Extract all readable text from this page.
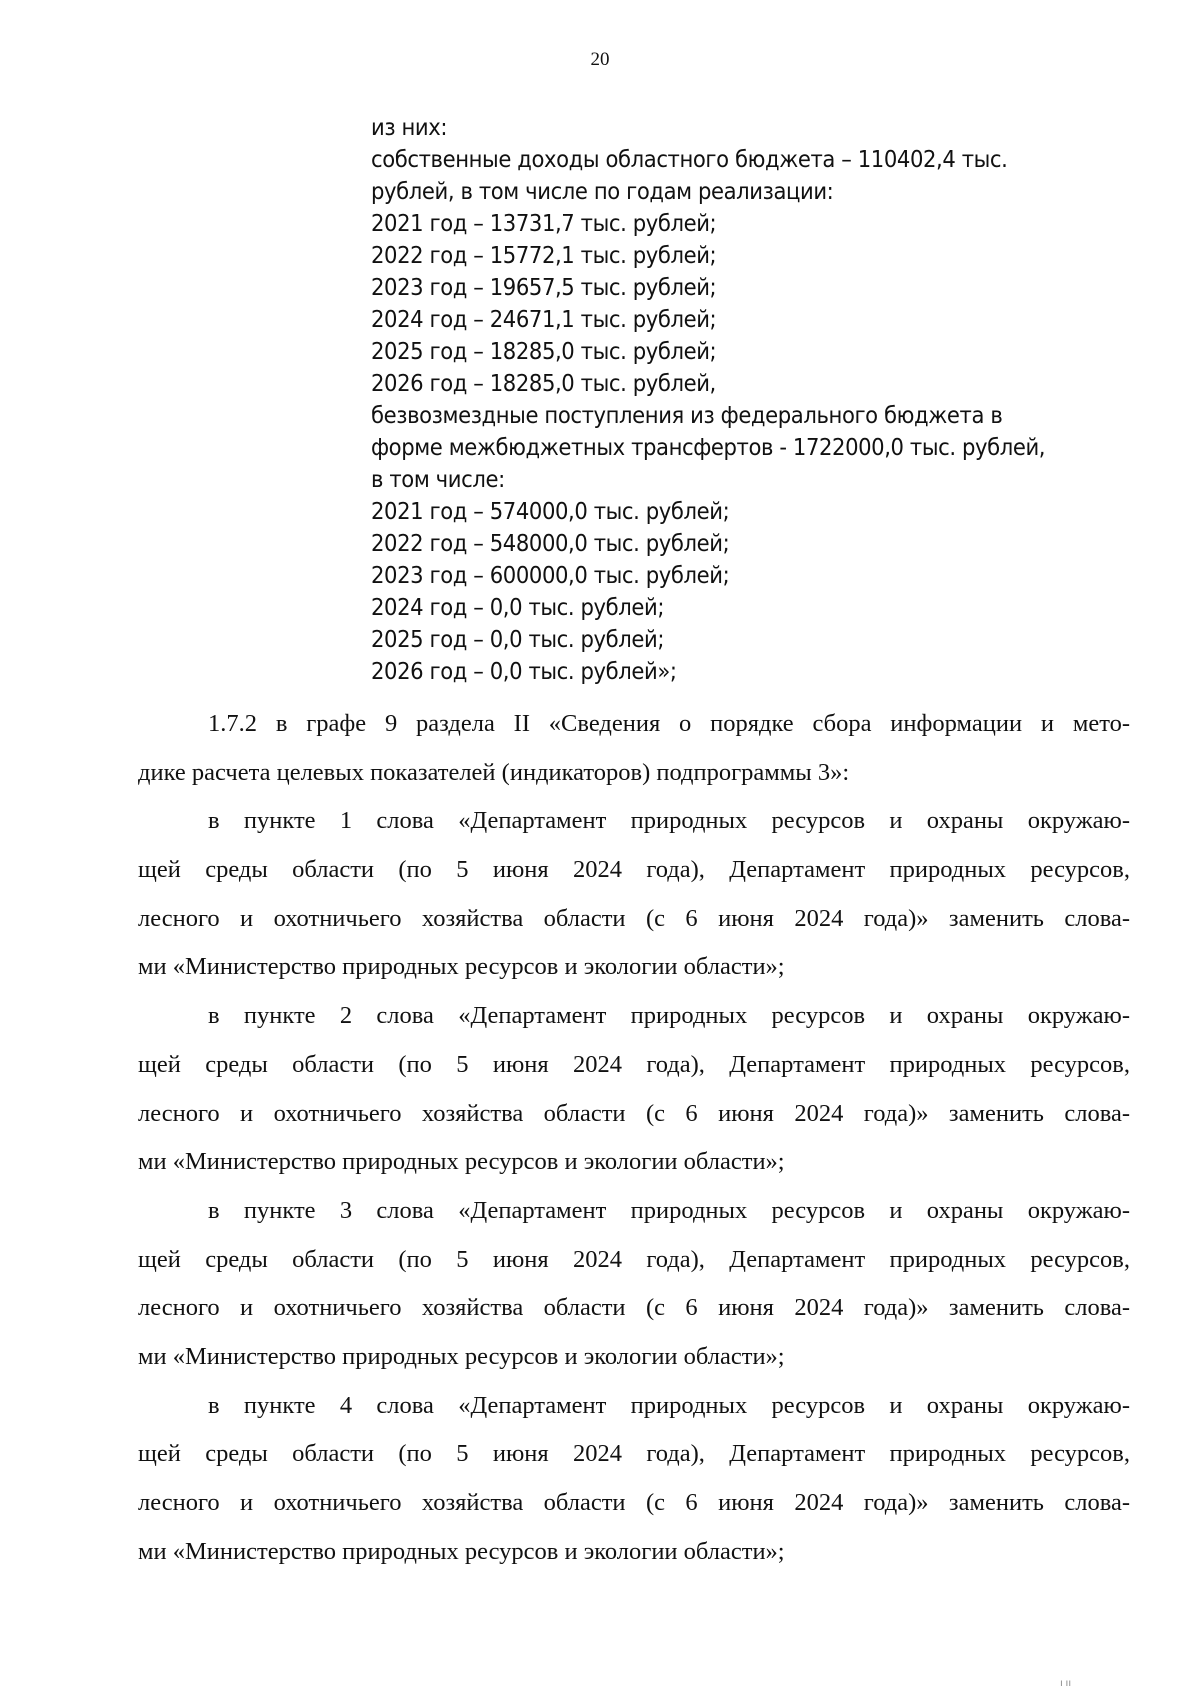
20
из них:
собственные доходы областного бюджета – 110402,4 тыс.
рублей, в том числе по годам реализации:
2021 год – 13731,7 тыс. рублей;
2022 год – 15772,1 тыс. рублей;
2023 год – 19657,5 тыс. рублей;
2024 год – 24671,1 тыс. рублей;
2025 год – 18285,0 тыс. рублей;
2026 год – 18285,0 тыс. рублей,
безвозмездные поступления из федерального бюджета в
форме межбюджетных трансфертов - 1722000,0 тыс. рублей,
в том числе:
2021 год – 574000,0 тыс. рублей;
2022 год – 548000,0 тыс. рублей;
2023 год – 600000,0 тыс. рублей;
2024 год – 0,0 тыс. рублей;
2025 год – 0,0 тыс. рублей;
2026 год – 0,0 тыс. рублей»;
1.7.2 в графе 9 раздела II «Сведения о порядке сбора информации и мето-
дике расчета целевых показателей (индикаторов) подпрограммы 3»:
в пункте 1 слова «Департамент природных ресурсов и охраны окружаю-
щей среды области (по 5 июня 2024 года), Департамент природных ресурсов,
лесного и охотничьего хозяйства области (с 6 июня 2024 года)» заменить слова-
ми «Министерство природных ресурсов и экологии области»;
в пункте 2 слова «Департамент природных ресурсов и охраны окружаю-
щей среды области (по 5 июня 2024 года), Департамент природных ресурсов,
лесного и охотничьего хозяйства области (с 6 июня 2024 года)» заменить слова-
ми «Министерство природных ресурсов и экологии области»;
в пункте 3 слова «Департамент природных ресурсов и охраны окружаю-
щей среды области (по 5 июня 2024 года), Департамент природных ресурсов,
лесного и охотничьего хозяйства области (с 6 июня 2024 года)» заменить слова-
ми «Министерство природных ресурсов и экологии области»;
в пункте 4 слова «Департамент природных ресурсов и охраны окружаю-
щей среды области (по 5 июня 2024 года), Департамент природных ресурсов,
лесного и охотничьего хозяйства области (с 6 июня 2024 года)» заменить слова-
ми «Министерство природных ресурсов и экологии области»;
ı ıı
